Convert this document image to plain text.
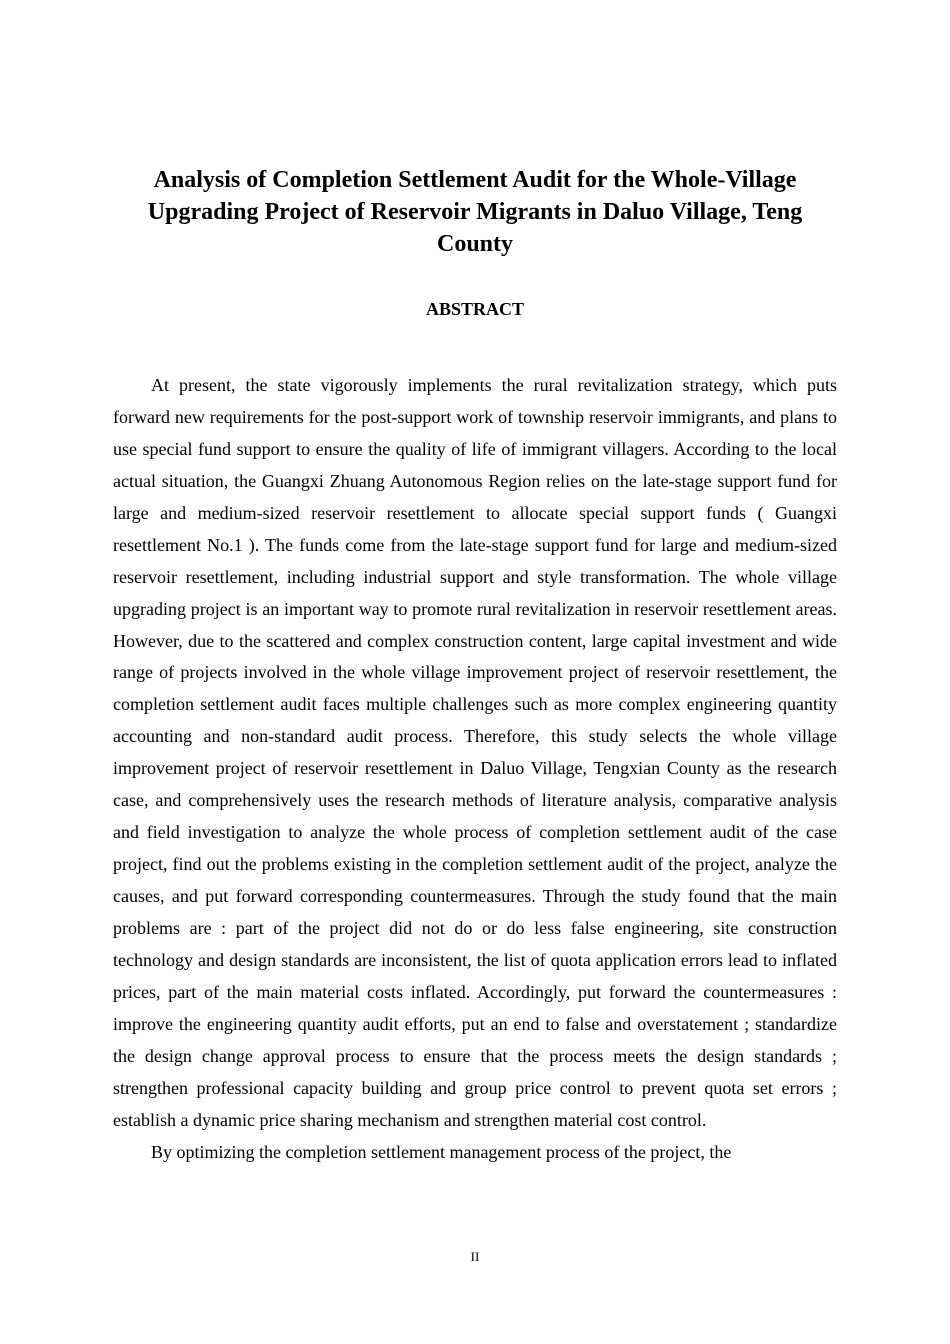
Analysis of Completion Settlement Audit for the Whole-Village Upgrading Project of Reservoir Migrants in Daluo Village, Teng County
ABSTRACT

At present, the state vigorously implements the rural revitalization strategy, which puts forward new requirements for the post-support work of township reservoir immigrants, and plans to use special fund support to ensure the quality of life of immigrant villagers. According to the local actual situation, the Guangxi Zhuang Autonomous Region relies on the late-stage support fund for large and medium-sized reservoir resettlement to allocate special support funds ( Guangxi resettlement No.1 ). The funds come from the late-stage support fund for large and medium-sized reservoir resettlement, including industrial support and style transformation. The whole village upgrading project is an important way to promote rural revitalization in reservoir resettlement areas. However, due to the scattered and complex construction content, large capital investment and wide range of projects involved in the whole village improvement project of reservoir resettlement, the completion settlement audit faces multiple challenges such as more complex engineering quantity accounting and non-standard audit process. Therefore, this study selects the whole village improvement project of reservoir resettlement in Daluo Village, Tengxian County as the research case, and comprehensively uses the research methods of literature analysis, comparative analysis and field investigation to analyze the whole process of completion settlement audit of the case project, find out the problems existing in the completion settlement audit of the project, analyze the causes, and put forward corresponding countermeasures. Through the study found that the main problems are : part of the project did not do or do less false engineering, site construction technology and design standards are inconsistent, the list of quota application errors lead to inflated prices, part of the main material costs inflated. Accordingly, put forward the countermeasures : improve the engineering quantity audit efforts, put an end to false and overstatement ; standardize the design change approval process to ensure that the process meets the design standards ; strengthen professional capacity building and group price control to prevent quota set errors ; establish a dynamic price sharing mechanism and strengthen material cost control.

By optimizing the completion settlement management process of the project, the

II
